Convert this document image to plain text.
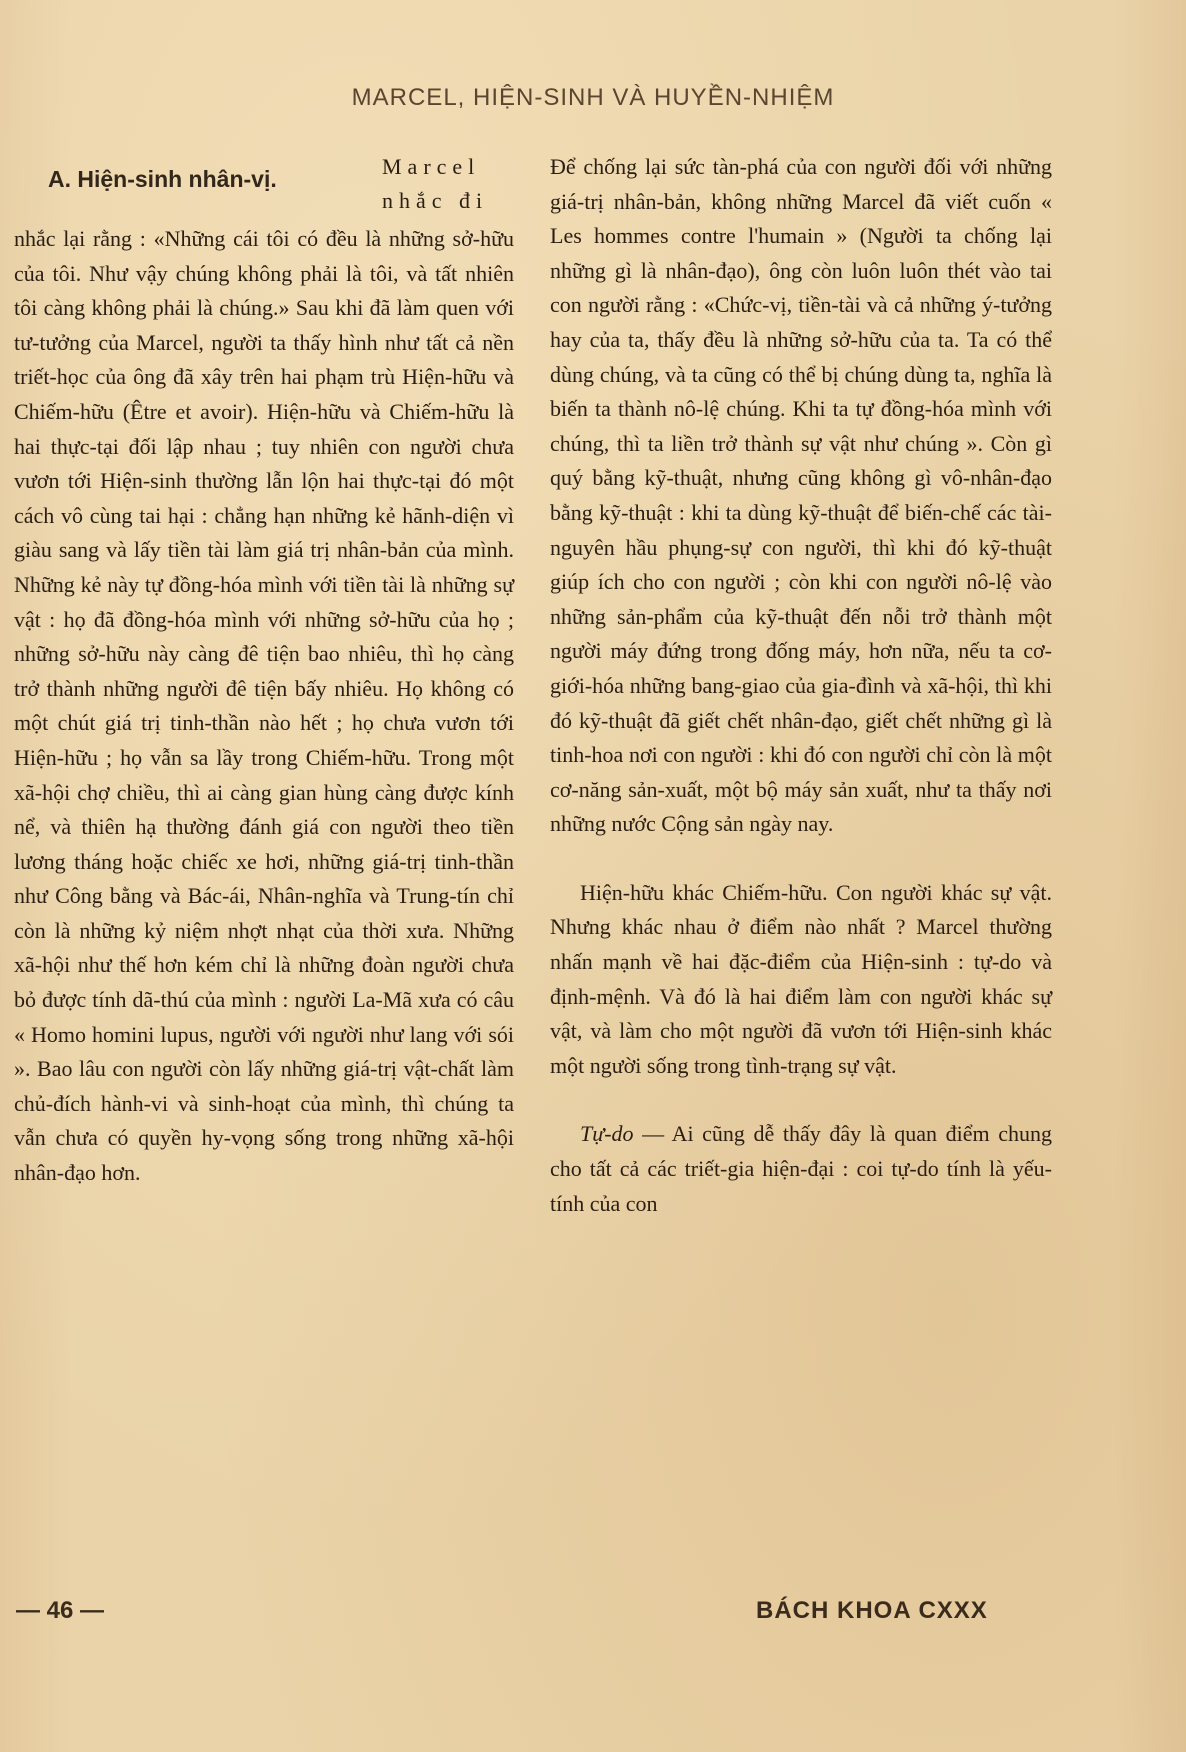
MARCEL, HIỆN-SINH VÀ HUYỀN-NHIỆM
A. Hiện-sinh nhân-vị.	Marcel nhắc đi

nhắc lại rằng : «Những cái tôi có đều là những sở-hữu của tôi. Như vậy chúng không phải là tôi, và tất nhiên tôi càng không phải là chúng.» Sau khi đã làm quen với tư-tưởng của Marcel, người ta thấy hình như tất cả nền triết-học của ông đã xây trên hai phạm trù Hiện-hữu và Chiếm-hữu (Être et avoir). Hiện-hữu và Chiếm-hữu là hai thực-tại đối lập nhau ; tuy nhiên con người chưa vươn tới Hiện-sinh thường lẫn lộn hai thực-tại đó một cách vô cùng tai hại : chẳng hạn những kẻ hãnh-diện vì giàu sang và lấy tiền tài làm giá trị nhân-bản của mình. Những kẻ này tự đồng-hóa mình với tiền tài là những sự vật : họ đã đồng-hóa mình với những sở-hữu của họ ; những sở-hữu này càng đê tiện bao nhiêu, thì họ càng trở thành những người đê tiện bấy nhiêu. Họ không có một chút giá trị tinh-thần nào hết ; họ chưa vươn tới Hiện-hữu ; họ vẫn sa lầy trong Chiếm-hữu. Trong một xã-hội chợ chiều, thì ai càng gian hùng càng được kính nể, và thiên hạ thường đánh giá con người theo tiền lương tháng hoặc chiếc xe hơi, những giá-trị tinh-thần như Công bằng và Bác-ái, Nhân-nghĩa và Trung-tín chỉ còn là những kỷ niệm nhợt nhạt của thời xưa. Những xã-hội như thế hơn kém chỉ là những đoàn người chưa bỏ được tính dã-thú của mình : người La-Mã xưa có câu « Homo homini lupus, người với người như lang với sói ». Bao lâu con người còn lấy những giá-trị vật-chất làm chủ-đích hành-vi và sinh-hoạt của mình, thì chúng ta vẫn chưa có quyền hy-vọng sống trong những xã-hội nhân-đạo hơn.

Để chống lại sức tàn-phá của con người đối với những giá-trị nhân-bản, không những Marcel đã viết cuốn « Les hommes contre l'humain » (Người ta chống lại những gì là nhân-đạo), ông còn luôn luôn thét vào tai con người rằng : «Chức-vị, tiền-tài và cả những ý-tưởng hay của ta, thấy đều là những sở-hữu của ta. Ta có thể dùng chúng, và ta cũng có thể bị chúng dùng ta, nghĩa là biến ta thành nô-lệ chúng. Khi ta tự đồng-hóa mình với chúng, thì ta liền trở thành sự vật như chúng ». Còn gì quý bằng kỹ-thuật, nhưng cũng không gì vô-nhân-đạo bằng kỹ-thuật : khi ta dùng kỹ-thuật để biến-chế các tài-nguyên hầu phụng-sự con người, thì khi đó kỹ-thuật giúp ích cho con người ; còn khi con người nô-lệ vào những sản-phẩm của kỹ-thuật đến nỗi trở thành một người máy đứng trong đống máy, hơn nữa, nếu ta cơ-giới-hóa những bang-giao của gia-đình và xã-hội, thì khi đó kỹ-thuật đã giết chết nhân-đạo, giết chết những gì là tinh-hoa nơi con người : khi đó con người chỉ còn là một cơ-năng sản-xuất, một bộ máy sản xuất, như ta thấy nơi những nước Cộng sản ngày nay.

Hiện-hữu khác Chiếm-hữu. Con người khác sự vật. Nhưng khác nhau ở điểm nào nhất ? Marcel thường nhấn mạnh về hai đặc-điểm của Hiện-sinh : tự-do và định-mệnh. Và đó là hai điểm làm con người khác sự vật, và làm cho một người đã vươn tới Hiện-sinh khác một người sống trong tình-trạng sự vật.

Tự-do — Ai cũng dễ thấy đây là quan điểm chung cho tất cả các triết-gia hiện-đại : coi tự-do tính là yếu-tính của con

— 46 —	BÁCH KHOA CXXX
